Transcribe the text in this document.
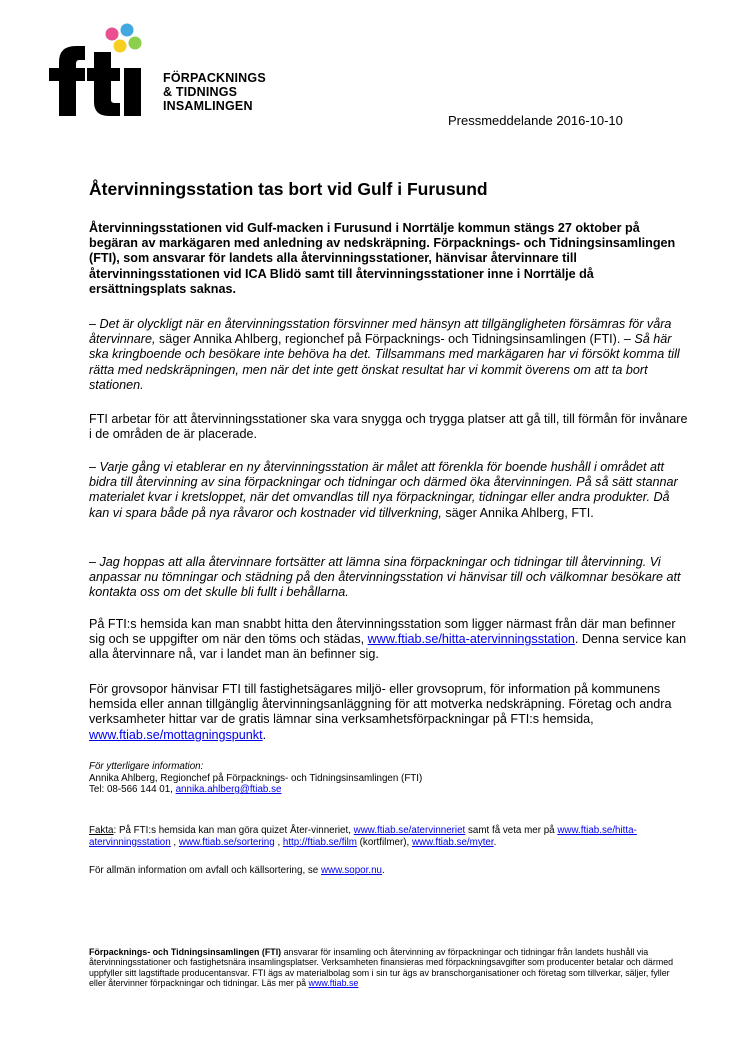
FÖRPACKNINGS
& TIDNINGS
INSAMLINGEN
Pressmeddelande 2016-10-10
Återvinningsstation tas bort vid Gulf i Furusund

Återvinningsstationen vid Gulf-macken i Furusund i Norrtälje kommun stängs 27 oktober på begäran av markägaren med anledning av nedskräpning. Förpacknings- och Tidningsinsamlingen (FTI), som ansvarar för landets alla återvinningsstationer, hänvisar återvinnare till återvinningsstationen vid ICA Blidö samt till återvinningsstationer inne i Norrtälje då ersättningsplats saknas.

– Det är olyckligt när en återvinningsstation försvinner med hänsyn att tillgängligheten försämras för våra återvinnare, säger Annika Ahlberg, regionchef på Förpacknings- och Tidningsinsamlingen (FTI). – Så här ska kringboende och besökare inte behöva ha det. Tillsammans med markägaren har vi försökt komma till rätta med nedskräpningen, men när det inte gett önskat resultat har vi kommit överens om att ta bort stationen.

FTI arbetar för att återvinningsstationer ska vara snygga och trygga platser att gå till, till förmån för invånare i de områden de är placerade.

– Varje gång vi etablerar en ny återvinningsstation är målet att förenkla för boende hushåll i området att bidra till återvinning av sina förpackningar och tidningar och därmed öka återvinningen. På så sätt stannar materialet kvar i kretsloppet, när det omvandlas till nya förpackningar, tidningar eller andra produkter. Då kan vi spara både på nya råvaror och kostnader vid tillverkning, säger Annika Ahlberg, FTI.

– Jag hoppas att alla återvinnare fortsätter att lämna sina förpackningar och tidningar till återvinning. Vi anpassar nu tömningar och städning på den återvinningsstation vi hänvisar till och välkomnar besökare att kontakta oss om det skulle bli fullt i behållarna.

På FTI:s hemsida kan man snabbt hitta den återvinningsstation som ligger närmast från där man befinner sig och se uppgifter om när den töms och städas, www.ftiab.se/hitta-atervinningsstation. Denna service kan alla återvinnare nå, var i landet man än befinner sig.

För grovsopor hänvisar FTI till fastighetsägares miljö- eller grovsoprum, för information på kommunens hemsida eller annan tillgänglig återvinningsanläggning för att motverka nedskräpning. Företag och andra verksamheter hittar var de gratis lämnar sina verksamhetsförpackningar på FTI:s hemsida, www.ftiab.se/mottagningspunkt.

För ytterligare information:

Annika Ahlberg, Regionchef på Förpacknings- och Tidningsinsamlingen (FTI)

Tel: 08-566 144 01, annika.ahlberg@ftiab.se

Fakta: På FTI:s hemsida kan man göra quizet Åter-vinneriet, www.ftiab.se/atervinneriet samt få veta mer på www.ftiab.se/hitta-atervinningsstation , www.ftiab.se/sortering , http://ftiab.se/film (kortfilmer), www.ftiab.se/myter.

För allmän information om avfall och källsortering, se www.sopor.nu.

Förpacknings- och Tidningsinsamlingen (FTI) ansvarar för insamling och återvinning av förpackningar och tidningar från landets hushåll via återvinningsstationer och fastighetsnära insamlingsplatser. Verksamheten finansieras med förpackningsavgifter som producenter betalar och därmed uppfyller sitt lagstiftade producentansvar. FTI ägs av materialbolag som i sin tur ägs av branschorganisationer och företag som tillverkar, säljer, fyller eller återvinner förpackningar och tidningar. Läs mer på www.ftiab.se
